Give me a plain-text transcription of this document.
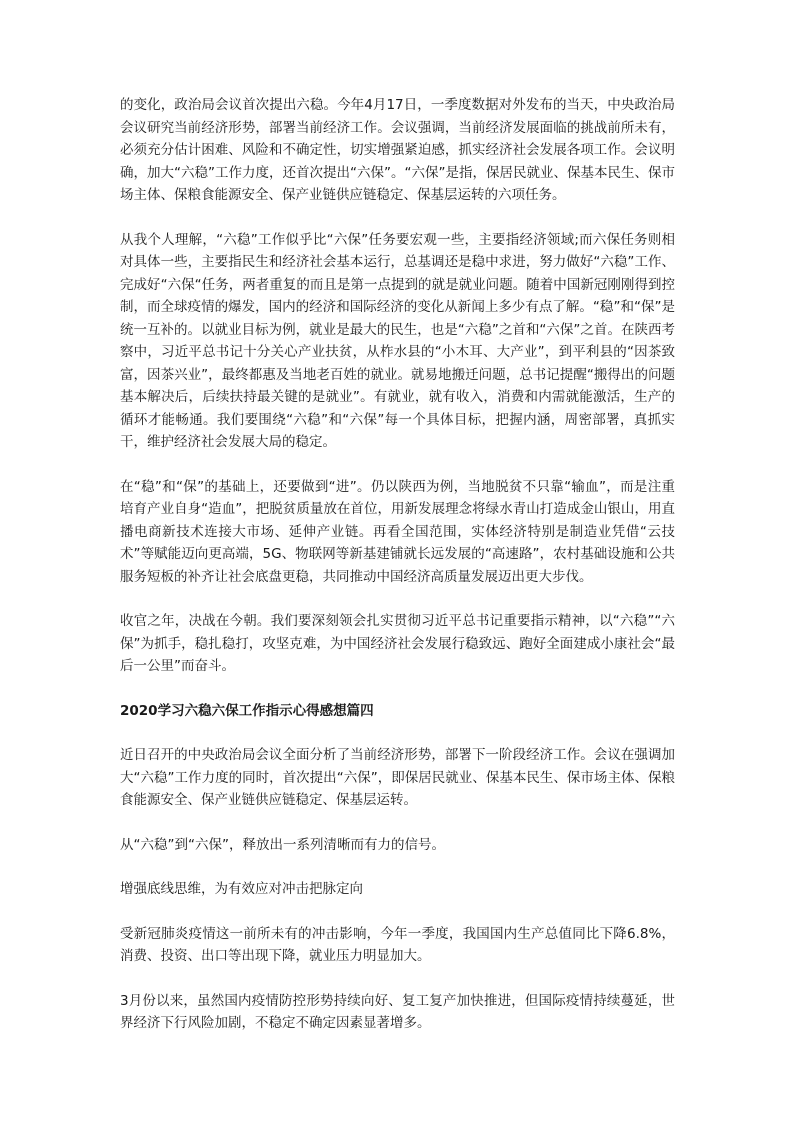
的变化，政治局会议首次提出六稳。今年4月17日，一季度数据对外发布的当天，中央政治局会议研究当前经济形势，部署当前经济工作。会议强调，当前经济发展面临的挑战前所未有，必须充分估计困难、风险和不确定性，切实增强紧迫感，抓实经济社会发展各项工作。会议明确，加大“六稳”工作力度，还首次提出“六保”。“六保”是指，保居民就业、保基本民生、保市场主体、保粮食能源安全、保产业链供应链稳定、保基层运转的六项任务。

从我个人理解，“六稳”工作似乎比“六保”任务要宏观一些，主要指经济领域;而六保任务则相对具体一些，主要指民生和经济社会基本运行，总基调还是稳中求进，努力做好“六稳”工作、完成好“六保“任务，两者重复的而且是第一点提到的就是就业问题。随着中国新冠刚刚得到控制，而全球疫情的爆发，国内的经济和国际经济的变化从新闻上多少有点了解。“稳”和“保”是统一互补的。以就业目标为例，就业是最大的民生，也是“六稳”之首和“六保”之首。在陕西考察中，习近平总书记十分关心产业扶贫，从柞水县的“小木耳、大产业”，到平利县的“因茶致富，因茶兴业”，最终都惠及当地老百姓的就业。就易地搬迁问题，总书记提醒“搬得出的问题基本解决后，后续扶持最关键的是就业”。有就业，就有收入，消费和内需就能激活，生产的循环才能畅通。我们要围绕“六稳”和“六保”每一个具体目标，把握内涵，周密部署，真抓实干，维护经济社会发展大局的稳定。

在“稳”和“保”的基础上，还要做到“进”。仍以陕西为例，当地脱贫不只靠“输血”，而是注重培育产业自身“造血”，把脱贫质量放在首位，用新发展理念将绿水青山打造成金山银山，用直播电商新技术连接大市场、延伸产业链。再看全国范围，实体经济特别是制造业凭借“云技术”等赋能迈向更高端，5G、物联网等新基建铺就长远发展的“高速路”，农村基础设施和公共服务短板的补齐让社会底盘更稳，共同推动中国经济高质量发展迈出更大步伐。

收官之年，决战在今朝。我们要深刻领会扎实贯彻习近平总书记重要指示精神，以“六稳”“六保”为抓手，稳扎稳打，攻坚克难，为中国经济社会发展行稳致远、跑好全面建成小康社会“最后一公里”而奋斗。

2020学习六稳六保工作指示心得感想篇四

近日召开的中央政治局会议全面分析了当前经济形势，部署下一阶段经济工作。会议在强调加大“六稳”工作力度的同时，首次提出“六保”，即保居民就业、保基本民生、保市场主体、保粮食能源安全、保产业链供应链稳定、保基层运转。

从“六稳”到“六保”，释放出一系列清晰而有力的信号。

增强底线思维，为有效应对冲击把脉定向

受新冠肺炎疫情这一前所未有的冲击影响，今年一季度，我国国内生产总值同比下降6.8%，消费、投资、出口等出现下降，就业压力明显加大。

3月份以来，虽然国内疫情防控形势持续向好、复工复产加快推进，但国际疫情持续蔓延，世界经济下行风险加剧，不稳定不确定因素显著增多。
